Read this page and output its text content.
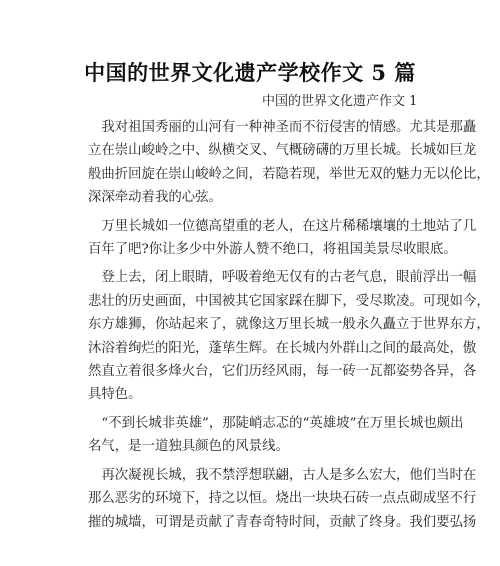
中国的世界文化遗产学校作文 5 篇
中国的世界文化遗产作文 1
　我对祖国秀丽的山河有一种神圣而不衍侵害的情感。尤其是那矗
立在崇山峻岭之中、纵横交叉、气概磅礴的万里长城。长城如巨龙
般曲折回旋在崇山峻岭之间，若隐若现，举世无双的魅力无以伦比，
深深牵动着我的心弦。
　万里长城如一位德高望重的老人，在这片稀稀壤壤的土地站了几
百年了吧?你让多少中外游人赞不绝口，将祖国美景尽收眼底。
　登上去，闭上眼睛，呼吸着绝无仅有的古老气息，眼前浮出一幅
悲壮的历史画面，中国被其它国家踩在脚下，受尽欺凌。可现如今，
东方雄狮，你站起来了，就像这万里长城一般永久矗立于世界东方，
沐浴着绚烂的阳光，蓬荜生辉。在长城内外群山之间的最高处，傲
然直立着很多烽火台，它们历经风雨，每一砖一瓦都姿势各异，各
具特色。
　“不到长城非英雄”，那陡峭志忑的“英雄坡”在万里长城也颇出
名气，是一道独具颜色的风景线。
　再次凝视长城，我不禁浮想联翩，古人是多么宏大，他们当时在
那么恶劣的环境下，持之以恒。烧出一块块石砖一点点砌成坚不行
摧的城墙，可谓是贡献了青春奇特时间，贡献了终身。我们要弘扬
